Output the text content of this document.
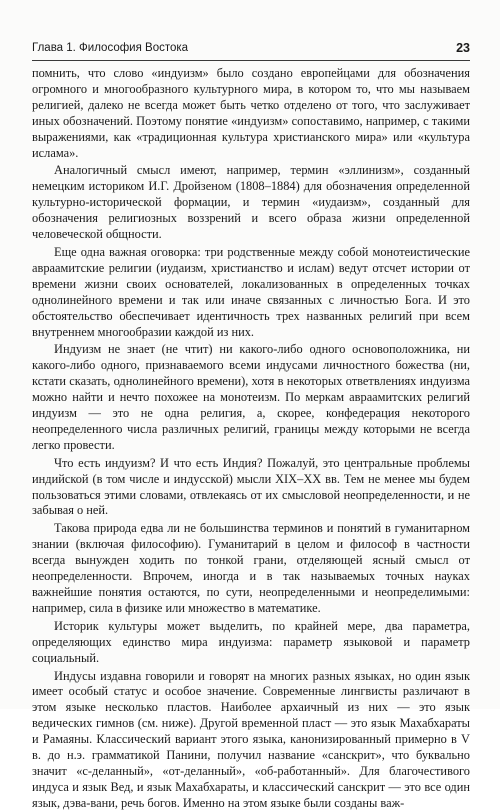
Глава 1. Философия Востока	23

помнить, что слово «индуизм» было создано европейцами для обозначения огромного и многообразного культурного мира, в котором то, что мы называем религией, далеко не всегда может быть четко отделено от того, что заслуживает иных обозначений. Поэтому понятие «индуизм» сопоставимо, например, с такими выражениями, как «традиционная культура христианского мира» или «культура ислама».

Аналогичный смысл имеют, например, термин «эллинизм», созданный немецким историком И.Г. Дройзеном (1808–1884) для обозначения определенной культурно-исторической формации, и термин «иудаизм», созданный для обозначения религиозных воззрений и всего образа жизни определенной человеческой общности.

Еще одна важная оговорка: три родственные между собой монотеистические авраамитские религии (иудаизм, христианство и ислам) ведут отсчет истории от времени жизни своих основателей, локализованных в определенных точках однолинейного времени и так или иначе связанных с личностью Бога. И это обстоятельство обеспечивает идентичность трех названных религий при всем внутреннем многообразии каждой из них.

Индуизм не знает (не чтит) ни какого-либо одного основоположника, ни какого-либо одного, признаваемого всеми индусами личностного божества (ни, кстати сказать, однолинейного времени), хотя в некоторых ответвлениях индуизма можно найти и нечто похожее на монотеизм. По меркам авраамитских религий индуизм — это не одна религия, а, скорее, конфедерация некоторого неопределенного числа различных религий, границы между которыми не всегда легко провести.

Что есть индуизм? И что есть Индия? Пожалуй, это центральные проблемы индийской (в том числе и индусской) мысли XIX–XX вв. Тем не менее мы будем пользоваться этими словами, отвлекаясь от их смысловой неопределенности, и не забывая о ней.

Такова природа едва ли не большинства терминов и понятий в гуманитарном знании (включая философию). Гуманитарий в целом и философ в частности всегда вынужден ходить по тонкой грани, отделяющей ясный смысл от неопределенности. Впрочем, иногда и в так называемых точных науках важнейшие понятия остаются, по сути, неопределенными и неопределимыми: например, сила в физике или множество в математике.

Историк культуры может выделить, по крайней мере, два параметра, определяющих единство мира индуизма: параметр языковой и параметр социальный.

Индусы издавна говорили и говорят на многих разных языках, но один язык имеет особый статус и особое значение. Современные лингвисты различают в этом языке несколько пластов. Наиболее архаичный из них — это язык ведических гимнов (см. ниже). Другой временной пласт — это язык Махабхараты и Рамаяны. Классический вариант этого языка, канонизированный примерно в V в. до н.э. грамматикой Панини, получил название «санскрит», что буквально значит «с-деланный», «от-деланный», «об-работанный». Для благочестивого индуса и язык Вед, и язык Махабхараты, и классический санскрит — это все один язык, дэва-вани, речь богов. Именно на этом языке были созданы важ-
